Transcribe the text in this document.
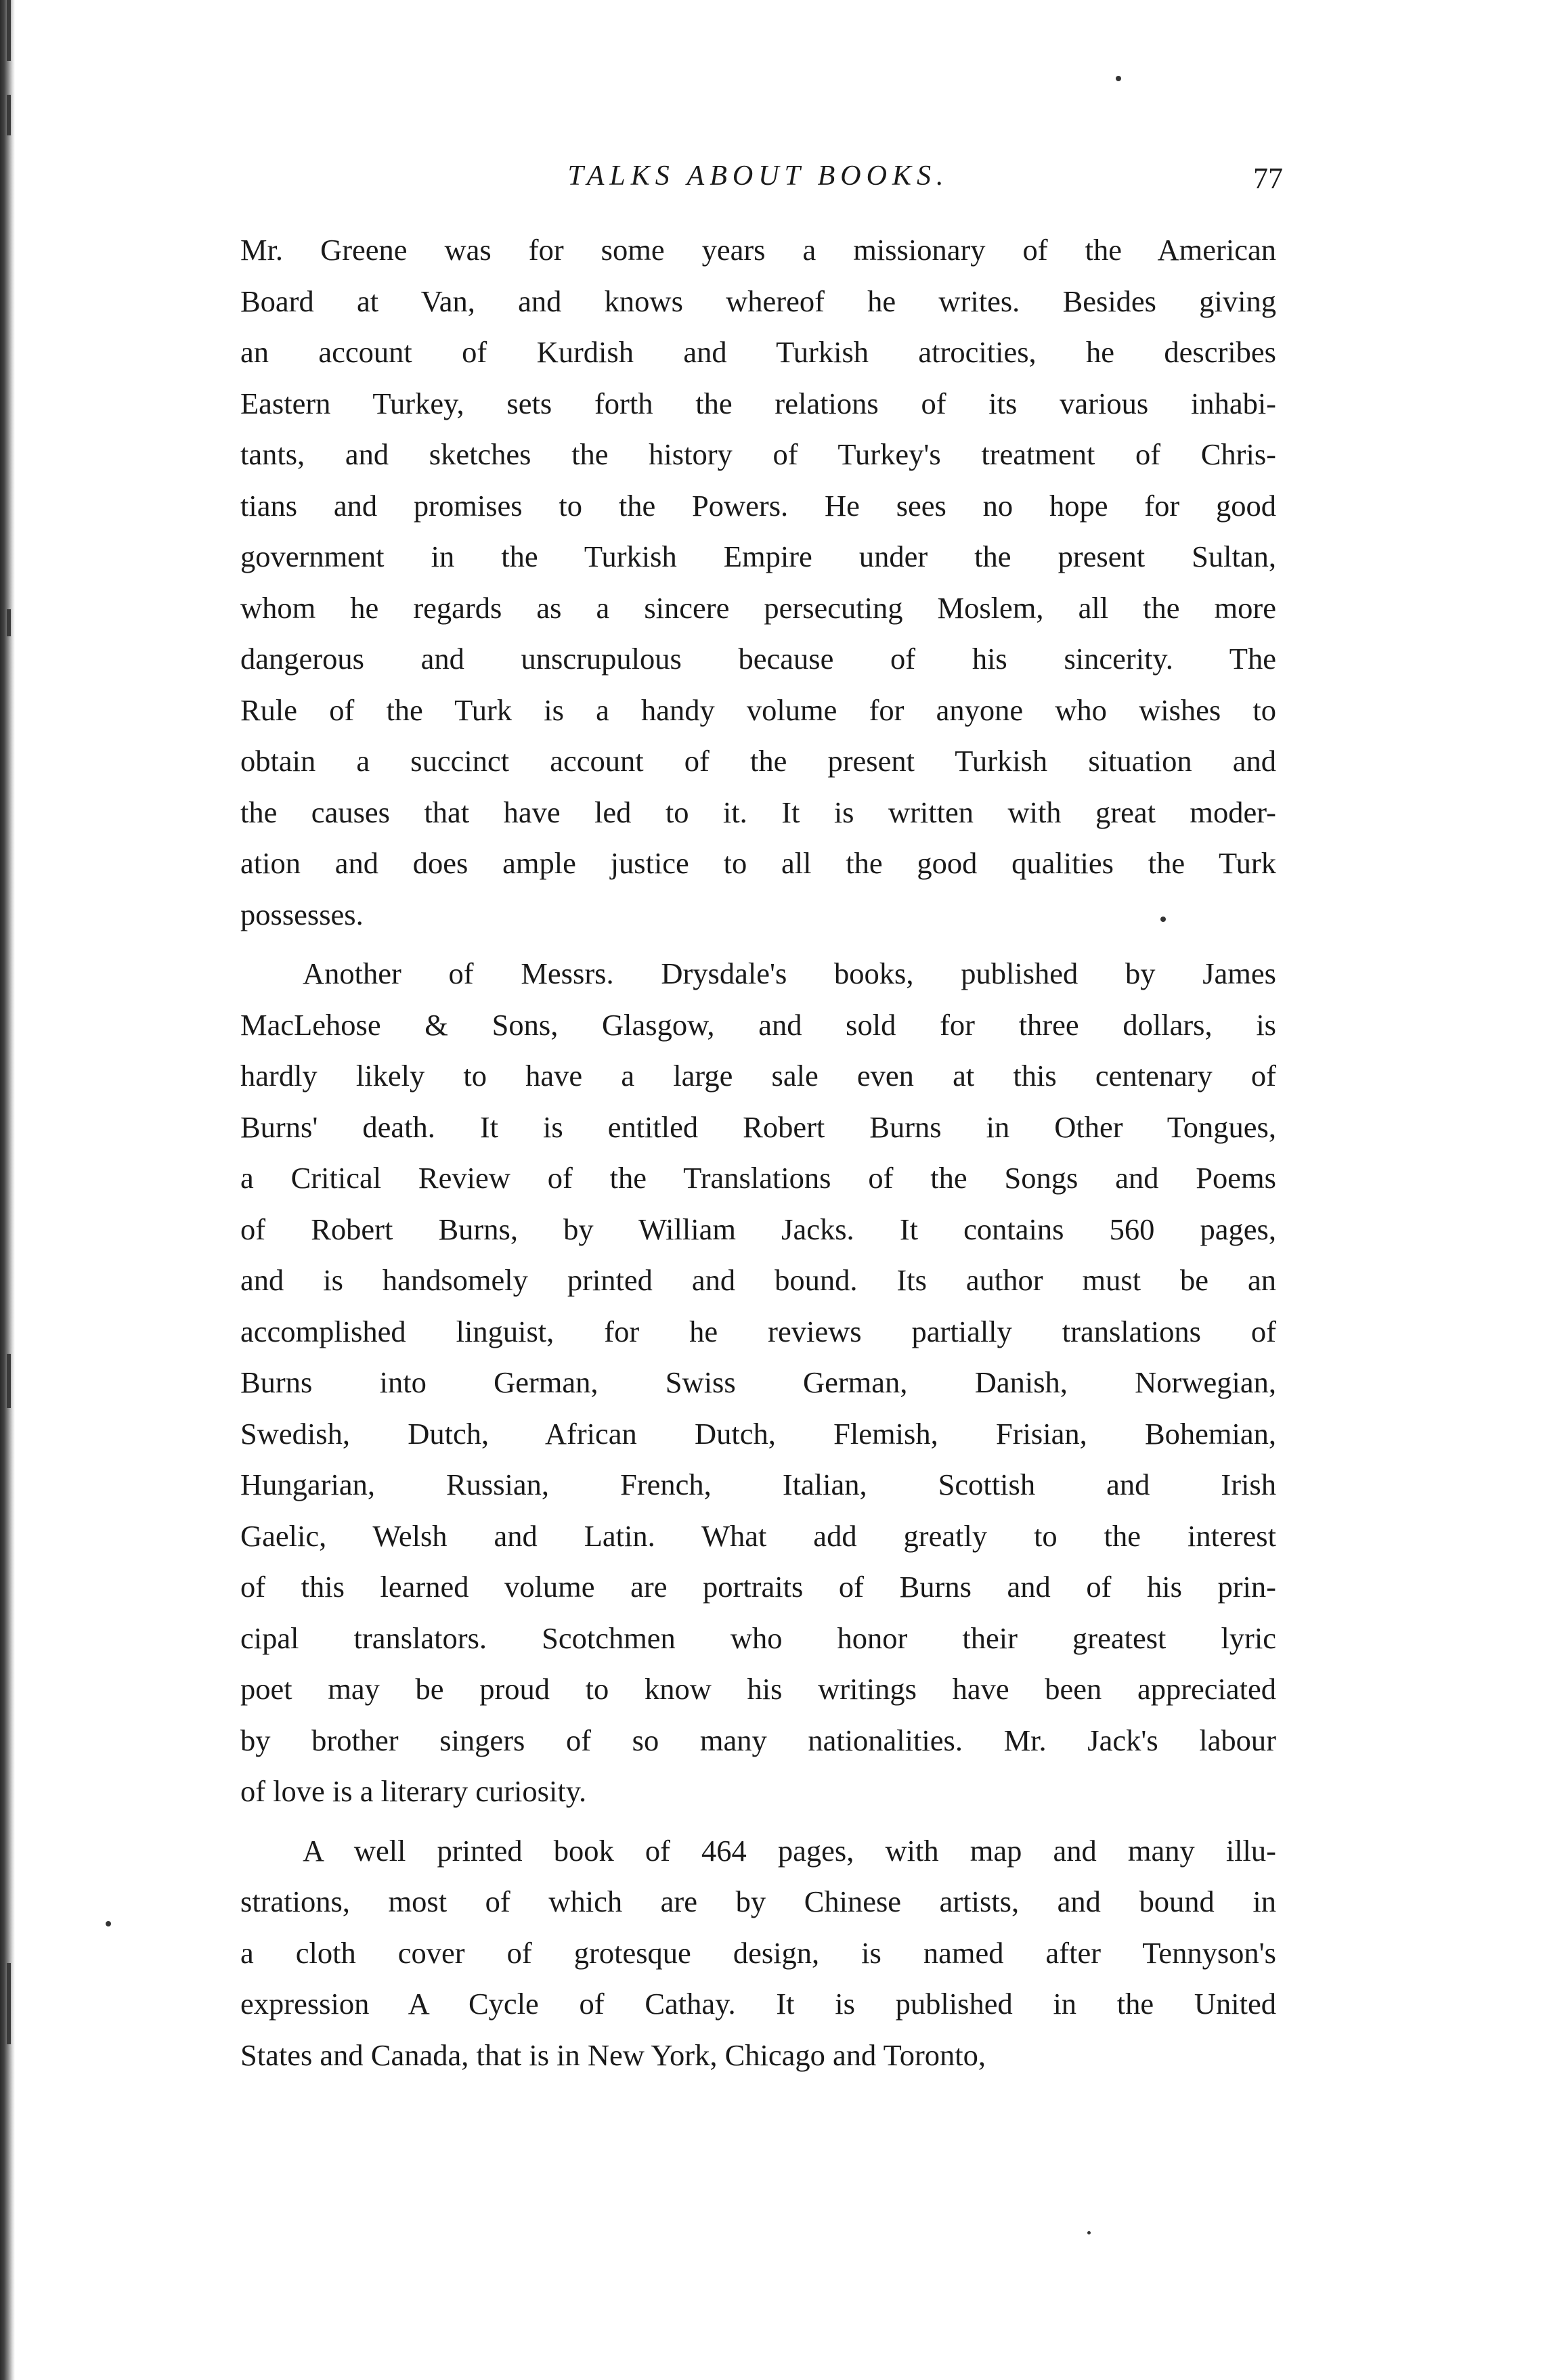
TALKS ABOUT BOOKS.	77
Mr. Greene was for some years a missionary of the American
Board at Van, and knows whereof he writes. Besides giving
an account of Kurdish and Turkish atrocities, he describes
Eastern Turkey, sets forth the relations of its various inhabi-
tants, and sketches the history of Turkey's treatment of Chris-
tians and promises to the Powers. He sees no hope for good
government in the Turkish Empire under the present Sultan,
whom he regards as a sincere persecuting Moslem, all the more
dangerous and unscrupulous because of his sincerity. The
Rule of the Turk is a handy volume for anyone who wishes to
obtain a succinct account of the present Turkish situation and
the causes that have led to it. It is written with great moder-
ation and does ample justice to all the good qualities the Turk
possesses.
Another of Messrs. Drysdale's books, published by James
MacLehose & Sons, Glasgow, and sold for three dollars, is
hardly likely to have a large sale even at this centenary of
Burns' death. It is entitled Robert Burns in Other Tongues,
a Critical Review of the Translations of the Songs and Poems
of Robert Burns, by William Jacks. It contains 560 pages,
and is handsomely printed and bound. Its author must be an
accomplished linguist, for he reviews partially translations of
Burns into German, Swiss German, Danish, Norwegian,
Swedish, Dutch, African Dutch, Flemish, Frisian, Bohemian,
Hungarian, Russian, French, Italian, Scottish and Irish
Gaelic, Welsh and Latin. What add greatly to the interest
of this learned volume are portraits of Burns and of his prin-
cipal translators. Scotchmen who honor their greatest lyric
poet may be proud to know his writings have been appreciated
by brother singers of so many nationalities. Mr. Jack's labour
of love is a literary curiosity.
A well printed book of 464 pages, with map and many illu-
strations, most of which are by Chinese artists, and bound in
a cloth cover of grotesque design, is named after Tennyson's
expression A Cycle of Cathay. It is published in the United
States and Canada, that is in New York, Chicago and Toronto,
